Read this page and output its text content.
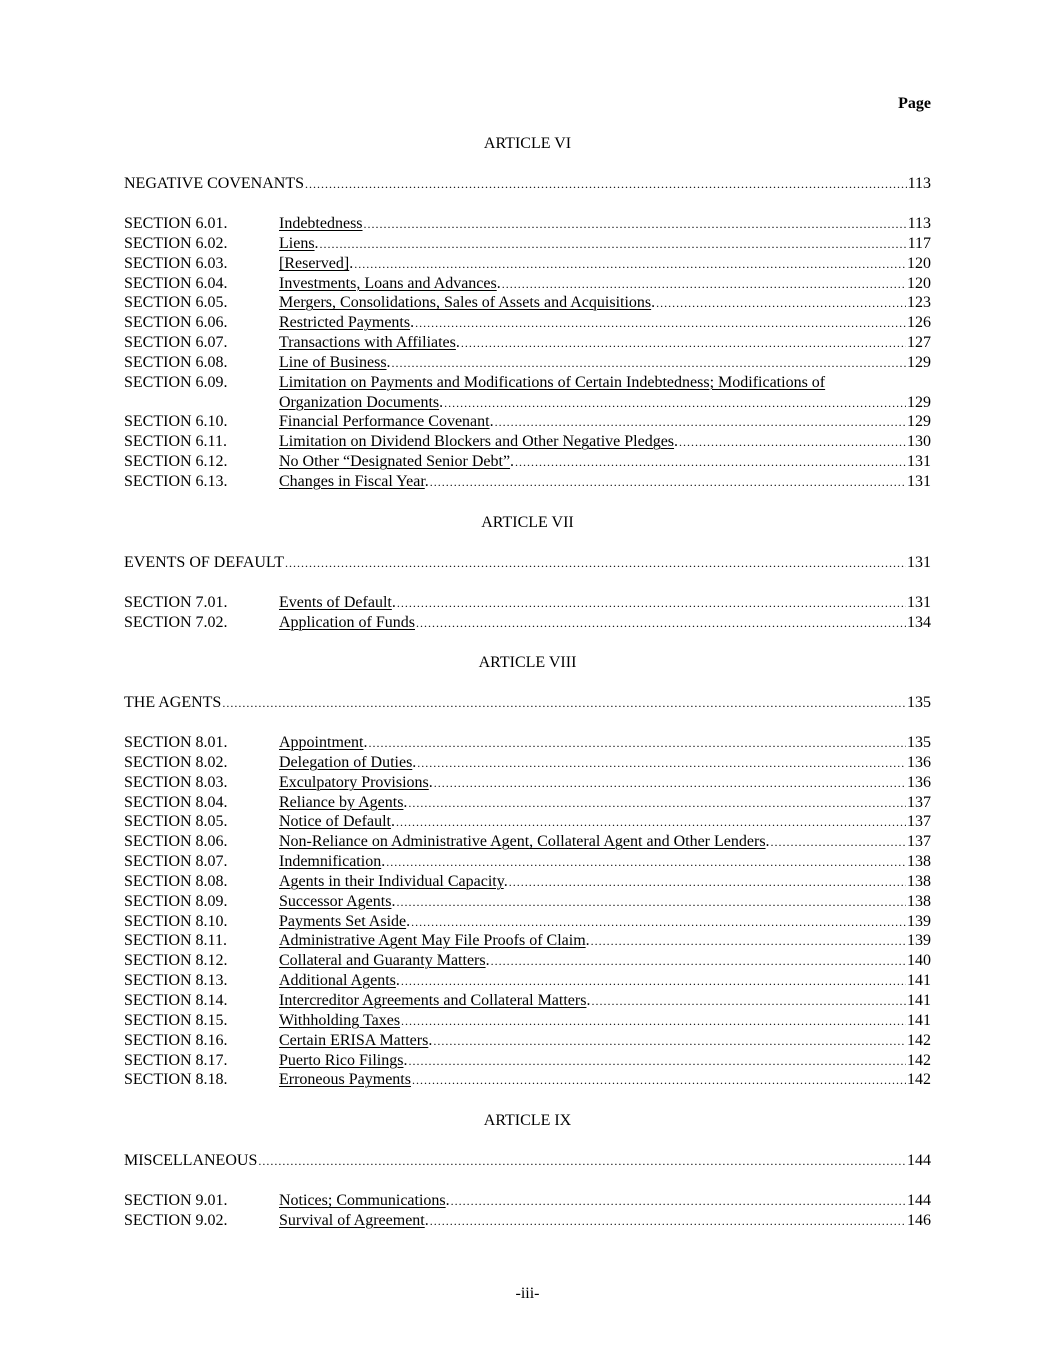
Page
ARTICLE VI
NEGATIVE COVENANTS .....	113
SECTION 6.01.	Indebtedness .....	113
SECTION 6.02.	Liens. .....	117
SECTION 6.03.	[Reserved]. .....	120
SECTION 6.04.	Investments, Loans and Advances. .....	120
SECTION 6.05.	Mergers, Consolidations, Sales of Assets and Acquisitions. .....	123
SECTION 6.06.	Restricted Payments. .....	126
SECTION 6.07.	Transactions with Affiliates. .....	127
SECTION 6.08.	Line of Business. .....	129
SECTION 6.09.	Limitation on Payments and Modifications of Certain Indebtedness; Modifications of
Organization Documents. .....	129
SECTION 6.10.	Financial Performance Covenant. .....	129
SECTION 6.11.	Limitation on Dividend Blockers and Other Negative Pledges. .....	130
SECTION 6.12.	No Other “Designated Senior Debt”. .....	131
SECTION 6.13.	Changes in Fiscal Year. .....	131
ARTICLE VII
EVENTS OF DEFAULT .....	131
SECTION 7.01.	Events of Default. .....	131
SECTION 7.02.	Application of Funds .....	134
ARTICLE VIII
THE AGENTS .....	135
SECTION 8.01.	Appointment. .....	135
SECTION 8.02.	Delegation of Duties. .....	136
SECTION 8.03.	Exculpatory Provisions. .....	136
SECTION 8.04.	Reliance by Agents. .....	137
SECTION 8.05.	Notice of Default. .....	137
SECTION 8.06.	Non-Reliance on Administrative Agent, Collateral Agent and Other Lenders. .....	137
SECTION 8.07.	Indemnification. .....	138
SECTION 8.08.	Agents in their Individual Capacity. .....	138
SECTION 8.09.	Successor Agents. .....	138
SECTION 8.10.	Payments Set Aside. .....	139
SECTION 8.11.	Administrative Agent May File Proofs of Claim. .....	139
SECTION 8.12.	Collateral and Guaranty Matters. .....	140
SECTION 8.13.	Additional Agents. .....	141
SECTION 8.14.	Intercreditor Agreements and Collateral Matters. .....	141
SECTION 8.15.	Withholding Taxes .....	141
SECTION 8.16.	Certain ERISA Matters. .....	142
SECTION 8.17.	Puerto Rico Filings. .....	142
SECTION 8.18.	Erroneous Payments .....	142
ARTICLE IX
MISCELLANEOUS .....	144
SECTION 9.01.	Notices; Communications. .....	144
SECTION 9.02.	Survival of Agreement. .....	146
-iii-
